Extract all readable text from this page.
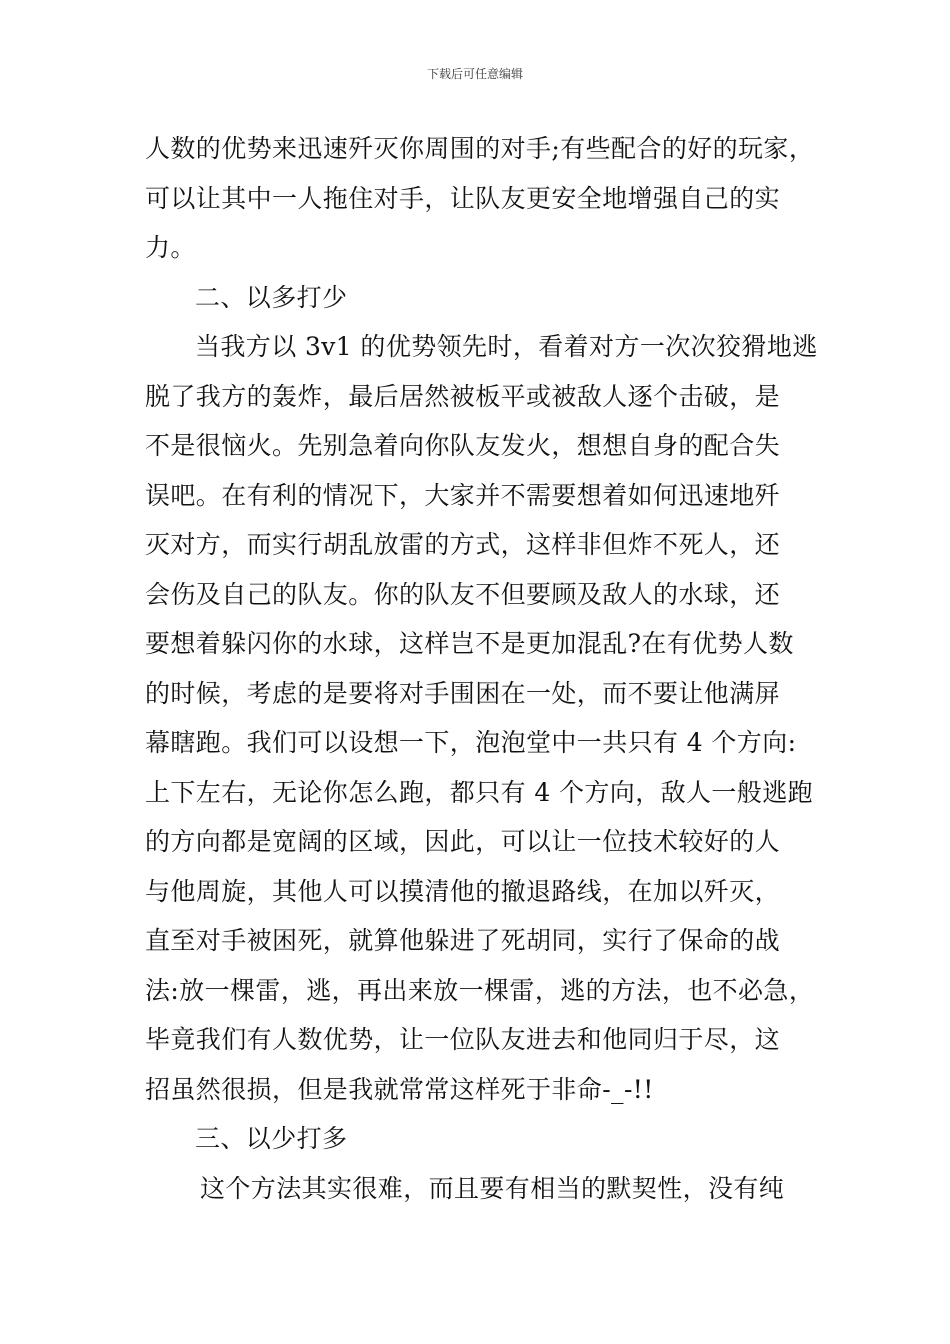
下载后可任意编辑
人数的优势来迅速歼灭你周围的对手;有些配合的好的玩家，
可以让其中一人拖住对手，让队友更安全地增强自己的实
力。
二、以多打少
当我方以 3v1 的优势领先时，看着对方一次次狡猾地逃
脱了我方的轰炸，最后居然被板平或被敌人逐个击破，是
不是很恼火。先别急着向你队友发火，想想自身的配合失
误吧。在有利的情况下，大家并不需要想着如何迅速地歼
灭对方，而实行胡乱放雷的方式，这样非但炸不死人，还
会伤及自己的队友。你的队友不但要顾及敌人的水球，还
要想着躲闪你的水球，这样岂不是更加混乱?在有优势人数
的时候，考虑的是要将对手围困在一处，而不要让他满屏
幕瞎跑。我们可以设想一下，泡泡堂中一共只有 4 个方向:
上下左右，无论你怎么跑，都只有 4 个方向，敌人一般逃跑
的方向都是宽阔的区域，因此，可以让一位技术较好的人
与他周旋，其他人可以摸清他的撤退路线，在加以歼灭，
直至对手被困死，就算他躲进了死胡同，实行了保命的战
法:放一棵雷，逃，再出来放一棵雷，逃的方法，也不必急，
毕竟我们有人数优势，让一位队友进去和他同归于尽，这
招虽然很损，但是我就常常这样死于非命-_-!!
三、以少打多
这个方法其实很难，而且要有相当的默契性，没有纯
